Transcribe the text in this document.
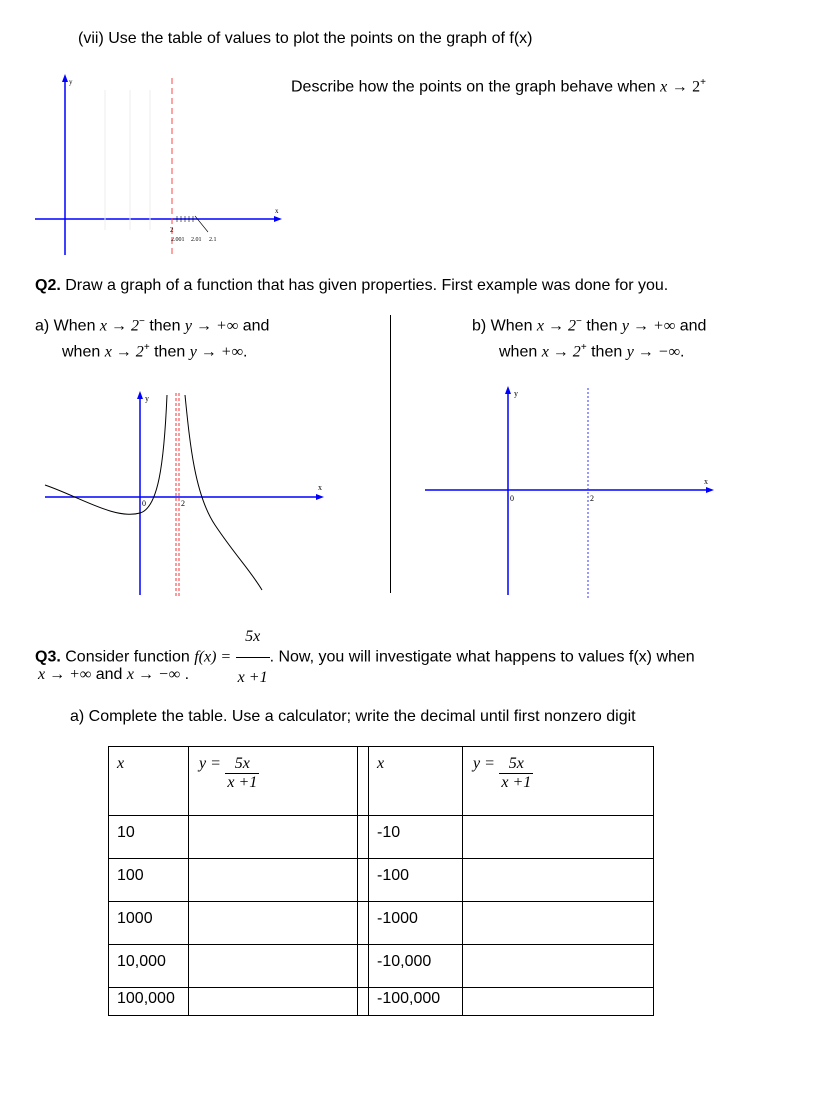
(vii) Use the table of values to plot the points on the graph of f(x)
Describe how the points on the graph behave when x → 2+
y
x
2
2.001 2.01 2.1
Q2. Draw a graph of a function that has given properties. First example was done for you.
a) When x → 2− then y → +∞ and
when x → 2+ then y → +∞.
b) When x → 2− then y → +∞ and
when x → 2+ then y → −∞.
y
x
0	2
y
x
0	2
Q3. Consider function $f(x) = \frac{5x}{x +1}$ . Now, you will investigate what happens to values f(x) when
x → +∞ and x → −∞ .
a) Complete the table. Use a calculator; write the decimal until first nonzero digit
x	$y = \frac{5x}{x +1}$		x	$y = \frac{5x}{x +1}$

10			-10	
100			-100	
1000			-1000	
10,000			-10,000	
100,000			-100,000	
